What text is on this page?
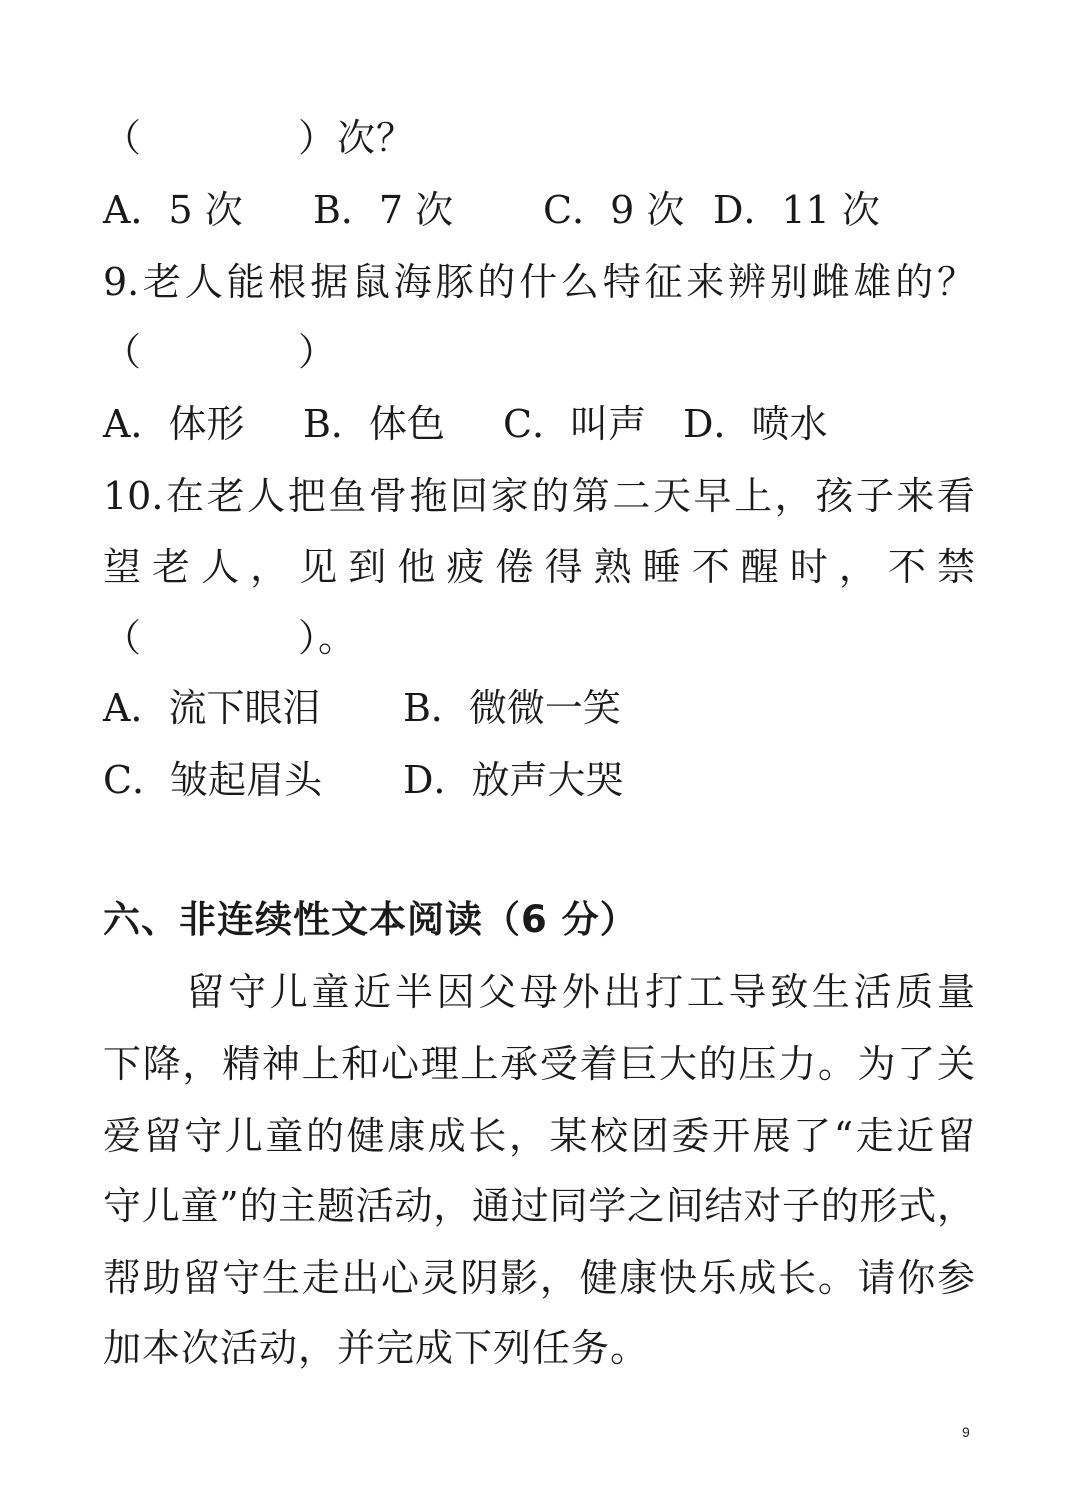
（　　　　）次？
A．5 次 B．7 次 C．9 次 D．11 次
9.老人能根据鼠海豚的什么特征来辨别雌雄的？
（　　　　）
A．体形 B．体色 C．叫声 D．喷水
10.在老人把鱼骨拖回家的第二天早上，孩子来看
望老人，见到他疲倦得熟睡不醒时，不禁
（　　　　）。
A．流下眼泪 B．微微一笑
C．皱起眉头 D．放声大哭
六、非连续性文本阅读（6 分）
　　留守儿童近半因父母外出打工导致生活质量
下降，精神上和心理上承受着巨大的压力。为了关
爱留守儿童的健康成长，某校团委开展了“走近留
守儿童”的主题活动，通过同学之间结对子的形式，
帮助留守生走出心灵阴影，健康快乐成长。请你参
加本次活动，并完成下列任务。
9
